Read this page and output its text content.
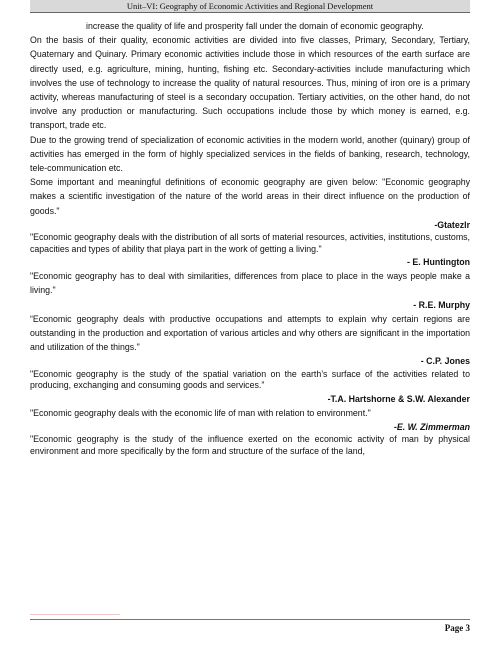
Unit–VI: Geography of Economic Activities and Regional Development

increase the quality of life and prosperity fall under the domain of economic geography.

On the basis of their quality, economic activities are divided into five classes, Primary, Secondary, Tertiary, Quaternary and Quinary. Primary economic activities include those in which resources of the earth surface are directly used, e.g. agriculture, mining, hunting, fishing etc. Secondary-activities include manufacturing which involves the use of technology to increase the quality of natural resources. Thus, mining of iron ore is a primary activity, whereas manufacturing of steel is a secondary occupation. Tertiary activities, on the other hand, do not involve any production or manufacturing. Such occupations include those by which money is earned, e.g. transport, trade etc.

Due to the growing trend of specialization of economic activities in the modern world, another (quinary) group of activities has emerged in the form of highly specialized services in the fields of banking, research, technology, tele-communication etc.

Some important and meaningful definitions of economic geography are given below: "Economic geography makes a scientific investigation of the nature of the world areas in their direct influence on the production of goods."

-Gtatezlr

"Economic geography deals with the distribution of all sorts of material resources, activities, institutions, customs, capacities and types of ability that playa part in the work of getting a living."

- E. Huntington

"Economic geography has to deal with similarities, differences from place to place in the ways people make a living."

- R.E. Murphy

“Economic geography deals with productive occupations and attempts to explain why certain regions are outstanding in the production and exportation of various articles and why others are significant in the importation and utilization of the things."

- C.P. Jones

"Economic geography is the study of the spatial variation on the earth’s surface of the activities related to producing, exchanging and consuming goods and services.”

-T.A. Hartshorne & S.W. Alexander

"Economic geography deals with the economic life of man with relation to environment."

-E. W. Zimmerman

"Economic geography is the study of the influence exerted on the economic activity of man by physical environment and more specifically by the form and structure of the surface of the land,

Page 3
